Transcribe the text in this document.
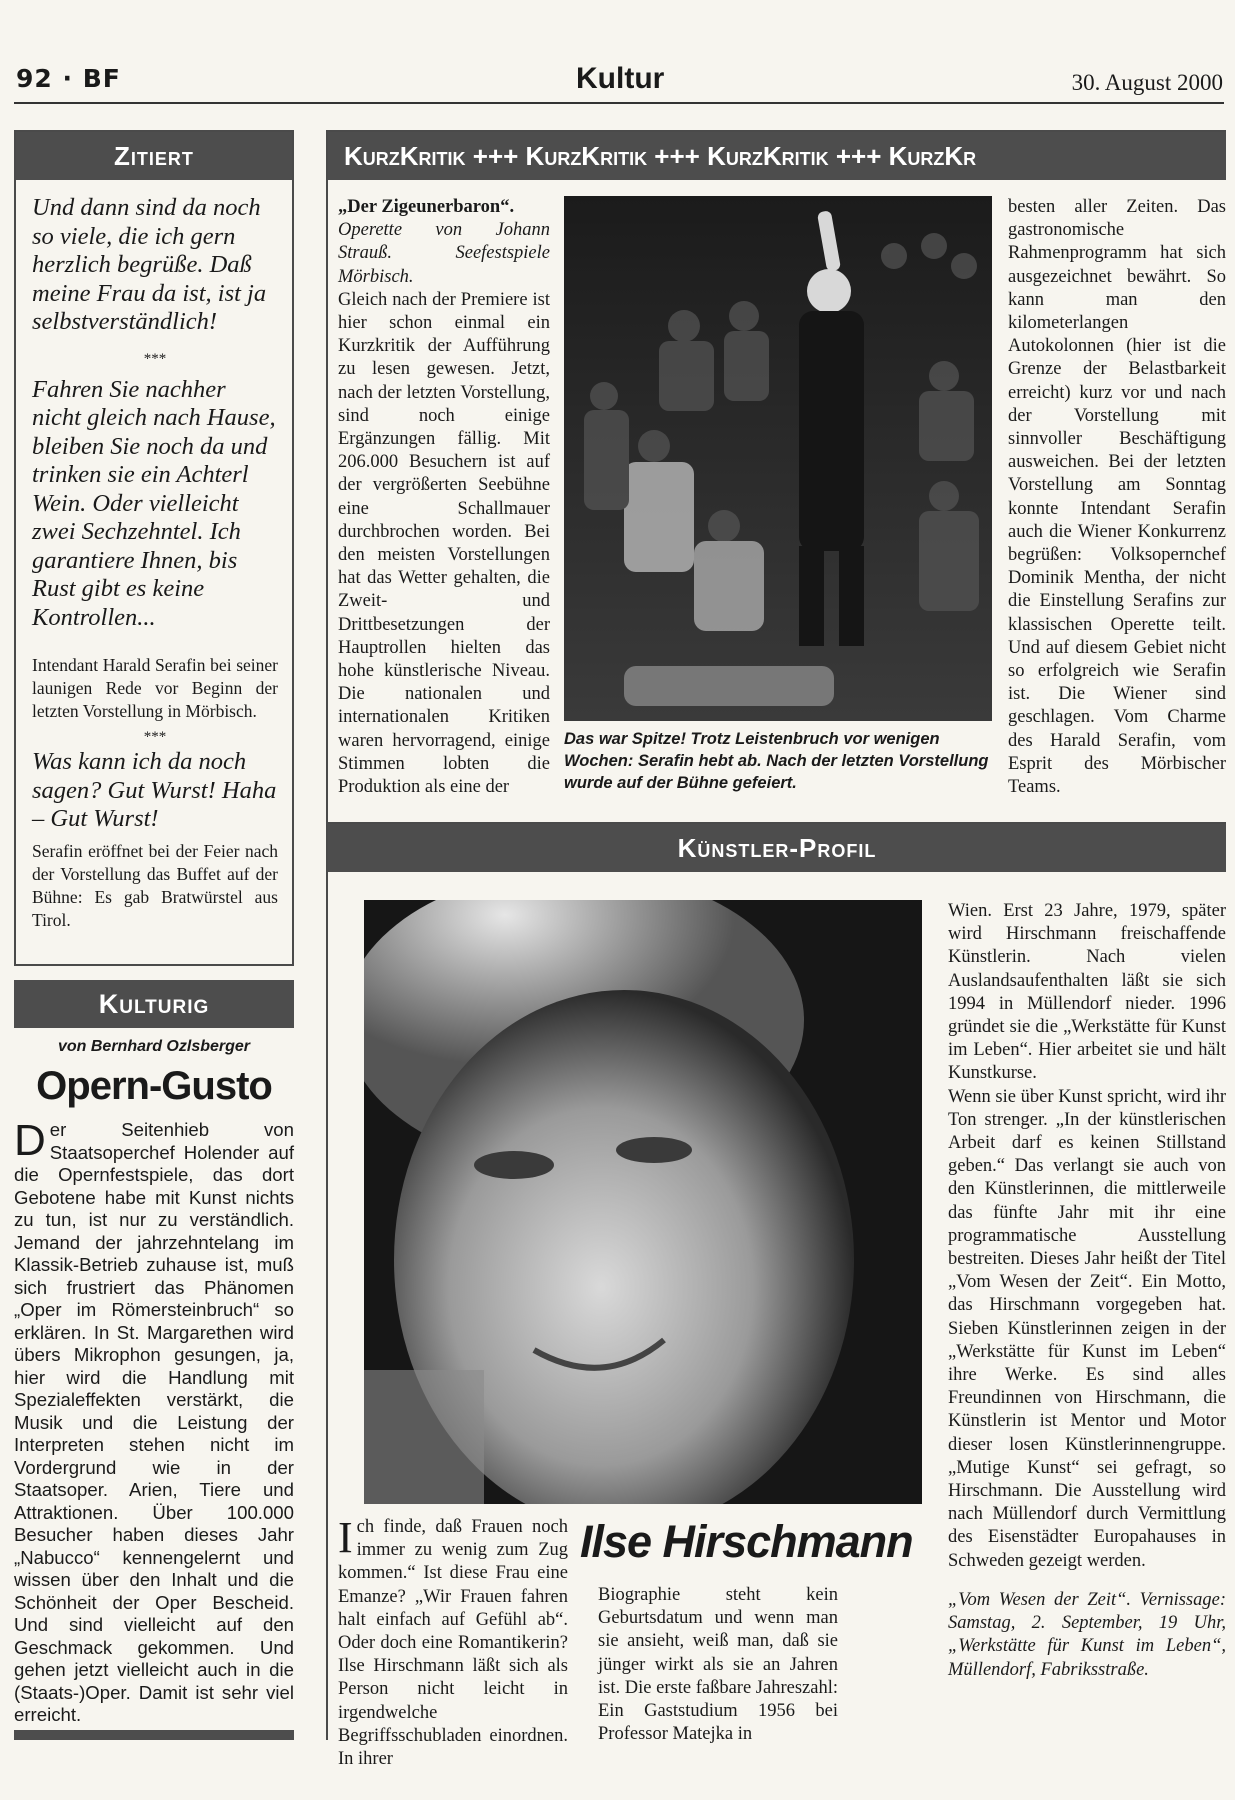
92 · BF	Kultur	30. August 2000
Zitiert

Und dann sind da noch so viele, die ich gern herzlich begrüße. Daß meine Frau da ist, ist ja selbstverständlich!

***

Fahren Sie nachher nicht gleich nach Hause, bleiben Sie noch da und trinken sie ein Achterl Wein. Oder vielleicht zwei Sechzehntel. Ich garantiere Ihnen, bis Rust gibt es keine Kontrollen...

Intendant Harald Serafin bei seiner launigen Rede vor Beginn der letzten Vorstellung in Mörbisch.

***

Was kann ich da noch sagen? Gut Wurst! Haha – Gut Wurst!

Serafin eröffnet bei der Feier nach der Vorstellung das Buffet auf der Bühne: Es gab Bratwürstel aus Tirol.

Kulturig
von Bernhard Ozlsberger
Opern-Gusto
Der Seitenhieb von Staatsoperchef Holender auf die Opernfestspiele, das dort Gebotene habe mit Kunst nichts zu tun, ist nur zu verständlich. Jemand der jahrzehntelang im Klassik-Betrieb zuhause ist, muß sich frustriert das Phänomen „Oper im Römersteinbruch“ so erklären. In St. Margarethen wird übers Mikrophon gesungen, ja, hier wird die Handlung mit Spezialeffekten verstärkt, die Musik und die Leistung der Interpreten stehen nicht im Vordergrund wie in der Staatsoper. Arien, Tiere und Attraktionen. Über 100.000 Besucher haben dieses Jahr „Nabucco“ kennengelernt und wissen über den Inhalt und die Schönheit der Oper Bescheid. Und sind vielleicht auf den Geschmack gekommen. Und gehen jetzt vielleicht auch in die (Staats-)Oper. Damit ist sehr viel erreicht.
KurzKritik +++ KurzKritik +++ KurzKritik +++ KurzKr
„Der Zigeunerbaron“.
Operette von Johann Strauß. Seefestspiele Mörbisch.
Gleich nach der Premiere ist hier schon einmal ein Kurzkritik der Aufführung zu lesen gewesen. Jetzt, nach der letzten Vorstellung, sind noch einige Ergänzungen fällig. Mit 206.000 Besuchern ist auf der vergrößerten Seebühne eine Schallmauer durchbrochen worden. Bei den meisten Vorstellungen hat das Wetter gehalten, die Zweit- und Drittbesetzungen der Hauptrollen hielten das hohe künstlerische Niveau. Die nationalen und internationalen Kritiken waren hervorragend, einige Stimmen lobten die Produktion als eine der
Das war Spitze! Trotz Leistenbruch vor wenigen Wochen: Serafin hebt ab. Nach der letzten Vorstellung wurde auf der Bühne gefeiert.
besten aller Zeiten. Das gastronomische Rahmenprogramm hat sich ausgezeichnet bewährt. So kann man den kilometerlangen Autokolonnen (hier ist die Grenze der Belastbarkeit erreicht) kurz vor und nach der Vorstellung mit sinnvoller Beschäftigung ausweichen. Bei der letzten Vorstellung am Sonntag konnte Intendant Serafin auch die Wiener Konkurrenz begrüßen: Volksopernchef Dominik Mentha, der nicht die Einstellung Serafins zur klassischen Operette teilt. Und auf diesem Gebiet nicht so erfolgreich wie Serafin ist. Die Wiener sind geschlagen. Vom Charme des Harald Serafin, vom Esprit des Mörbischer Teams.
Künstler-Profil
Ich finde, daß Frauen noch immer zu wenig zum Zug kommen.“ Ist diese Frau eine Emanze? „Wir Frauen fahren halt einfach auf Gefühl ab“. Oder doch eine Romantikerin? Ilse Hirschmann läßt sich als Person nicht leicht in irgendwelche Begriffsschubladen einordnen. In ihrer
Ilse Hirschmann
Biographie steht kein Geburtsdatum und wenn man sie ansieht, weiß man, daß sie jünger wirkt als sie an Jahren ist. Die erste faßbare Jahreszahl: Ein Gaststudium 1956 bei Professor Matejka in
Wien. Erst 23 Jahre, 1979, später wird Hirschmann freischaffende Künstlerin. Nach vielen Auslandsaufenthalten läßt sie sich 1994 in Müllendorf nieder. 1996 gründet sie die „Werkstätte für Kunst im Leben“. Hier arbeitet sie und hält Kunstkurse.
Wenn sie über Kunst spricht, wird ihr Ton strenger. „In der künstlerischen Arbeit darf es keinen Stillstand geben.“ Das verlangt sie auch von den Künstlerinnen, die mittlerweile das fünfte Jahr mit ihr eine programmatische Ausstellung bestreiten. Dieses Jahr heißt der Titel „Vom Wesen der Zeit“. Ein Motto, das Hirschmann vorgegeben hat. Sieben Künstlerinnen zeigen in der „Werkstätte für Kunst im Leben“ ihre Werke. Es sind alles Freundinnen von Hirschmann, die Künstlerin ist Mentor und Motor dieser losen Künstlerinnengruppe. „Mutige Kunst“ sei gefragt, so Hirschmann. Die Ausstellung wird nach Müllendorf durch Vermittlung des Eisenstädter Europahauses in Schweden gezeigt werden.
„Vom Wesen der Zeit“. Vernissage: Samstag, 2. September, 19 Uhr, „Werkstätte für Kunst im Leben“, Müllendorf, Fabriksstraße.
